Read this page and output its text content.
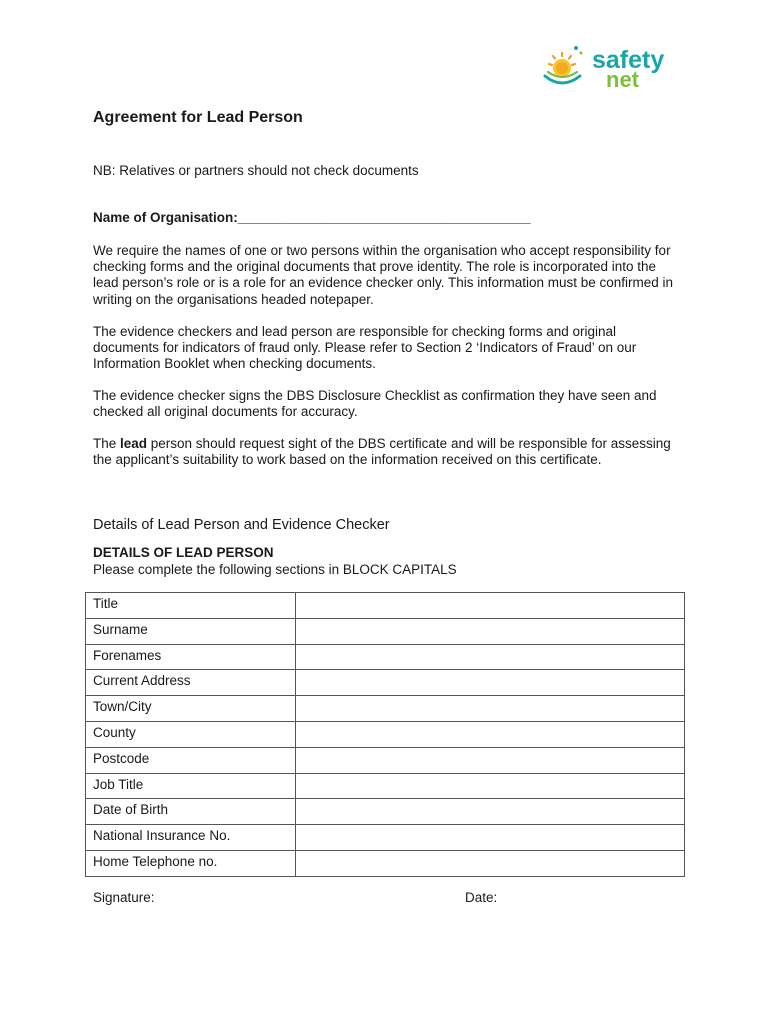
safety
net
Agreement for Lead Person

NB: Relatives or partners should not check documents

Name of Organisation:_______________________________________

We require the names of one or two persons within the organisation who accept responsibility for checking forms and the original documents that prove identity. The role is incorporated into the lead person’s role or is a role for an evidence checker only. This information must be confirmed in writing on the organisations headed notepaper.

The evidence checkers and lead person are responsible for checking forms and original documents for indicators of fraud only. Please refer to Section 2 ‘Indicators of Fraud’ on our Information Booklet when checking documents.

The evidence checker signs the DBS Disclosure Checklist as confirmation they have seen and checked all original documents for accuracy.

The lead person should request sight of the DBS certificate and will be responsible for assessing the applicant’s suitability to work based on the information received on this certificate.

Details of Lead Person and Evidence Checker

DETAILS OF LEAD PERSON

Please complete the following sections in BLOCK CAPITALS

Title	

Surname	

Forenames	

Current Address	

Town/City	

County	

Postcode	

Job Title	

Date of Birth	

National Insurance No.	

Home Telephone no.	

Signature:	Date:
